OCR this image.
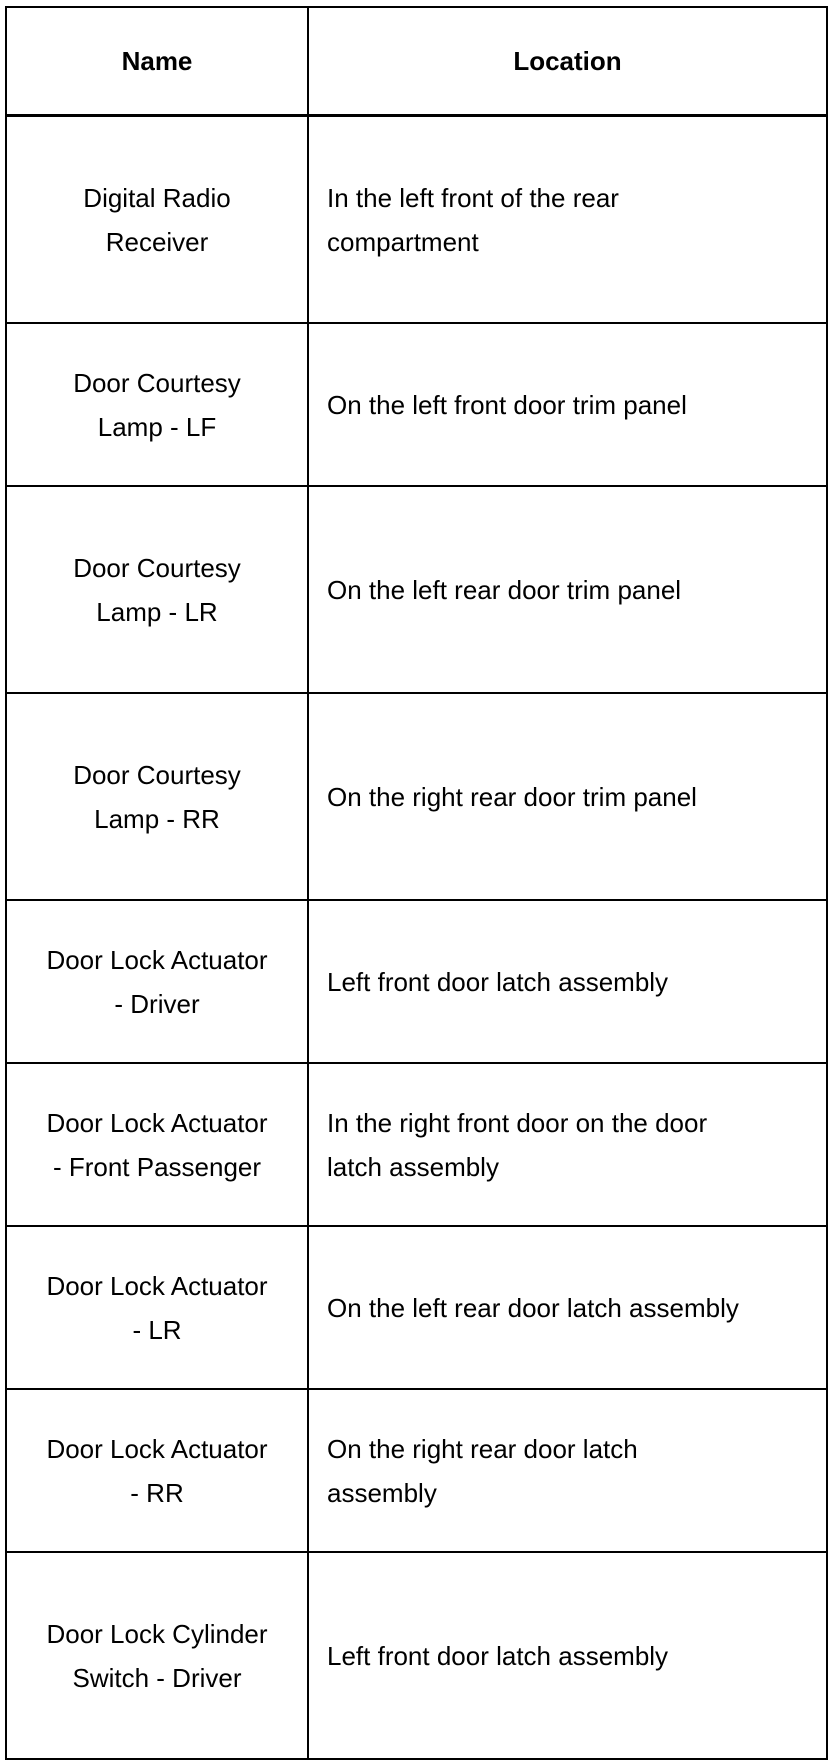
Name	Location

Digital Radio
Receiver	In the left front of the rear
compartment

Door Courtesy
Lamp - LF	On the left front door trim panel

Door Courtesy
Lamp - LR	On the left rear door trim panel

Door Courtesy
Lamp - RR	On the right rear door trim panel

Door Lock Actuator
- Driver	Left front door latch assembly

Door Lock Actuator
- Front Passenger	In the right front door on the door
latch assembly

Door Lock Actuator
- LR	On the left rear door latch assembly

Door Lock Actuator
- RR	On the right rear door latch
assembly

Door Lock Cylinder
Switch - Driver	Left front door latch assembly
